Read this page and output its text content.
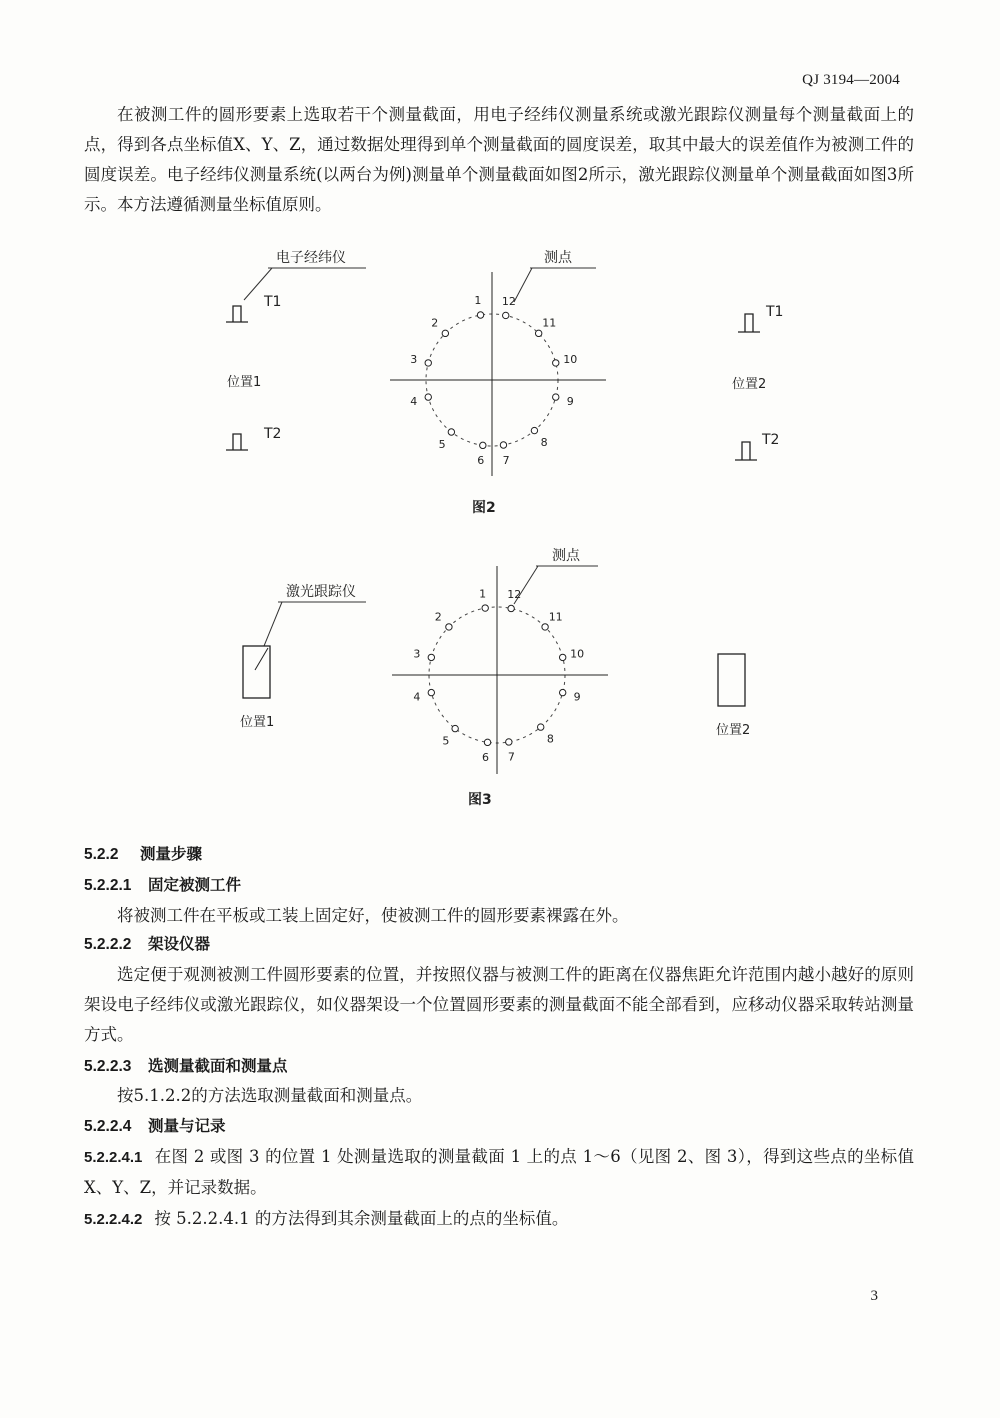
QJ 3194—2004

在被测工件的圆形要素上选取若干个测量截面，用电子经纬仪测量系统或激光跟踪仪测量每个测量截面上的点，得到各点坐标值X、Y、Z，通过数据处理得到单个测量截面的圆度误差，取其中最大的误差值作为被测工件的圆度误差。电子经纬仪测量系统(以两台为例)测量单个测量截面如图2所示，激光跟踪仪测量单个测量截面如图3所示。本方法遵循测量坐标值原则。

电子经纬仪
T1
位置1
T2
T1
位置2
T2
测点
1
2
3
4
5
6 7
8
9
10
11
12
图2
激光跟踪仪
位置1
位置2
测点
1
2
3
4
5
6 7
8
9
10
11
12
图3
5.2.2 测量步骤
5.2.2.1 固定被测工件

将被测工件在平板或工装上固定好，使被测工件的圆形要素裸露在外。

5.2.2.2 架设仪器

选定便于观测被测工件圆形要素的位置，并按照仪器与被测工件的距离在仪器焦距允许范围内越小越好的原则架设电子经纬仪或激光跟踪仪，如仪器架设一个位置圆形要素的测量截面不能全部看到，应移动仪器采取转站测量方式。

5.2.2.3 选测量截面和测量点

按5.1.2.2的方法选取测量截面和测量点。

5.2.2.4 测量与记录

5.2.2.4.1 在图 2 或图 3 的位置 1 处测量选取的测量截面 1 上的点 1～6（见图 2、图 3），得到这些点的坐标值 X、Y、Z，并记录数据。

5.2.2.4.2 按 5.2.2.4.1 的方法得到其余测量截面上的点的坐标值。

3
